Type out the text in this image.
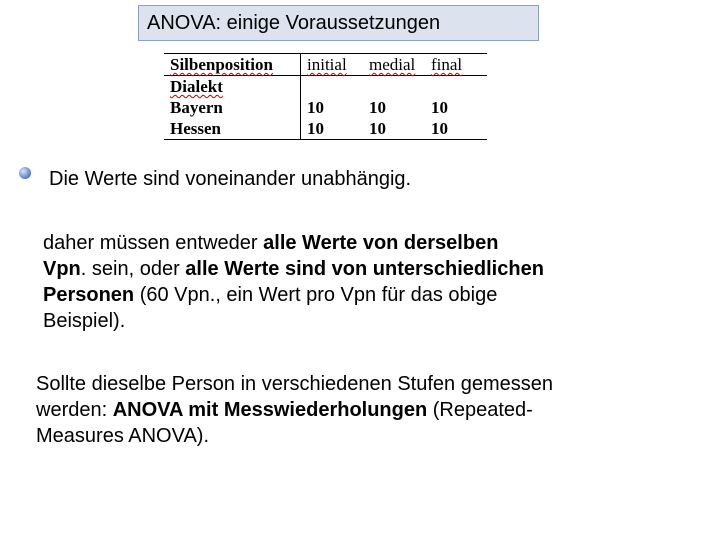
ANOVA: einige Voraussetzungen
Silbenposition	initial	medial	final
Dialekt			
Bayern	10	10	10
Hessen	10	10	10
Die Werte sind voneinander unabhängig.
daher müssen entweder alle Werte von derselben
Vpn. sein, oder alle Werte sind von unterschiedlichen
Personen (60 Vpn., ein Wert pro Vpn für das obige
Beispiel).
Sollte dieselbe Person in verschiedenen Stufen gemessen
werden: ANOVA mit Messwiederholungen (Repeated-
Measures ANOVA).
